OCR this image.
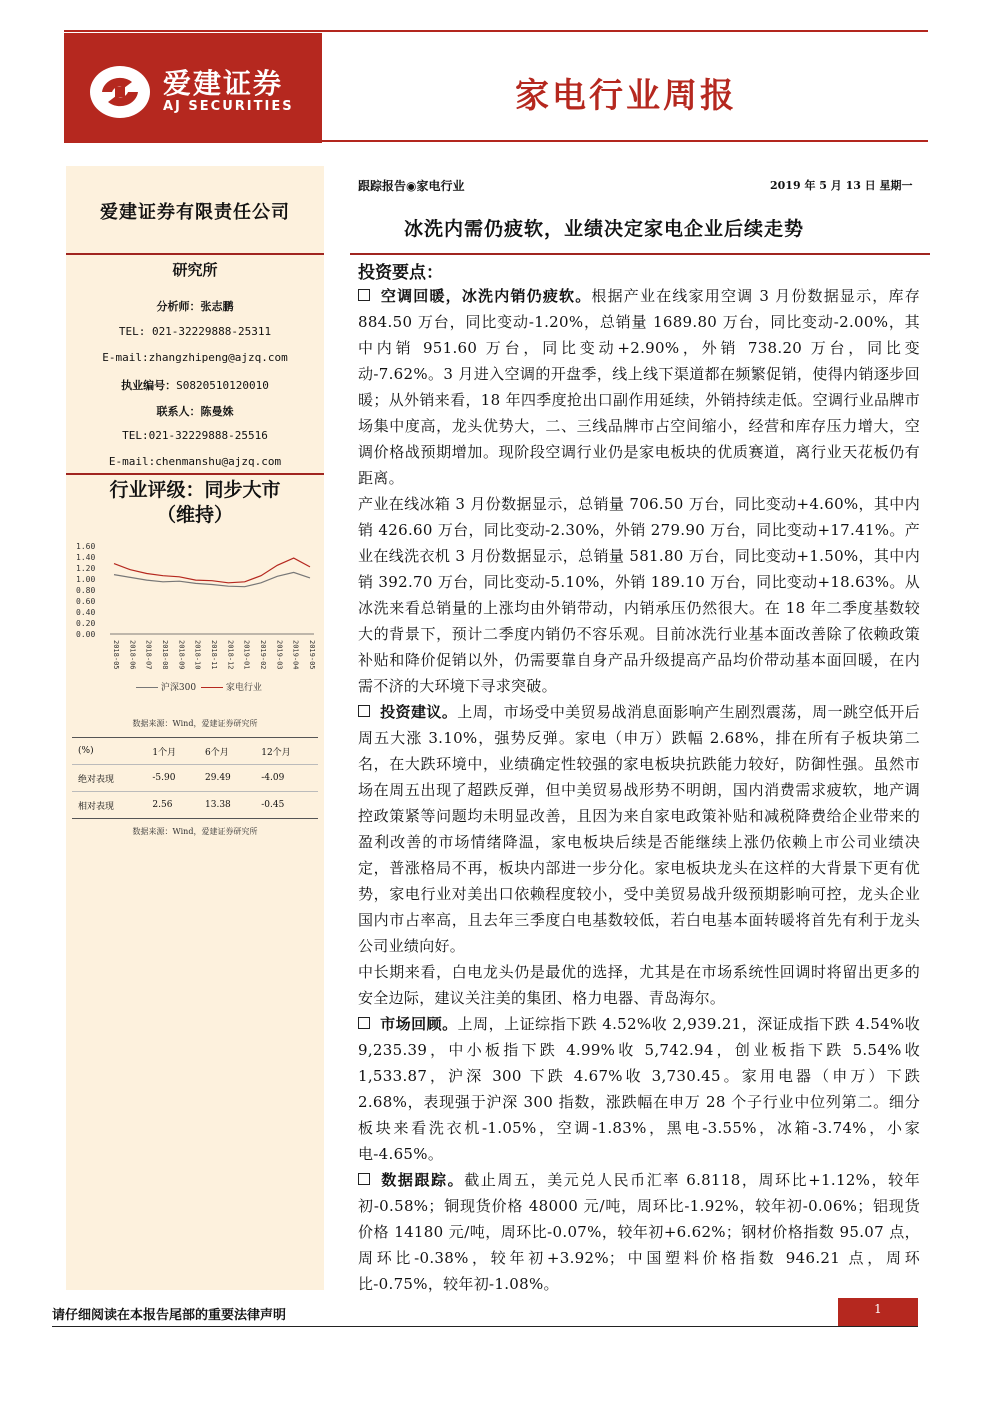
爱建证券
AJ SECURITIES	家电行业周报
爱建证券有限责任公司
研究所
分析师：张志鹏
TEL: 021-32229888-25311
E-mail:zhangzhipeng@ajzq.com
执业编号：S0820510120010
联系人：陈曼姝
TEL:021-32229888-25516
E-mail:chenmanshu@ajzq.com
行业评级：同步大市
（维持）
1.60
1.40
1.20
1.00
0.80
0.60
0.40
0.20
0.00
2018-05 2018-06 2018-07 2018-08 2018-09 2018-10 2018-11 2018-12 2019-01 2019-02 2019-03 2019-04 2019-05
沪深300	家电行业
数据来源：Wind，爱建证券研究所
(%)	1个月	6个月	12个月
绝对表现	-5.90	29.49	-4.09
相对表现	2.56	13.38	-0.45
数据来源：Wind，爱建证券研究所
跟踪报告◉家电行业	2019 年 5 月 13 日 星期一
冰洗内需仍疲软，业绩决定家电企业后续走势
投资要点：

空调回暖，冰洗内销仍疲软。根据产业在线家用空调 3 月份数据显示，库存 884.50 万台，同比变动-1.20%，总销量 1689.80 万台，同比变动-2.00%，其中内销 951.60 万台，同比变动+2.90%，外销 738.20 万台，同比变动-7.62%。3 月进入空调的开盘季，线上线下渠道都在频繁促销，使得内销逐步回暖；从外销来看，18 年四季度抢出口副作用延续，外销持续走低。空调行业品牌市场集中度高，龙头优势大，二、三线品牌市占空间缩小，经营和库存压力增大，空调价格战预期增加。现阶段空调行业仍是家电板块的优质赛道，离行业天花板仍有距离。

产业在线冰箱 3 月份数据显示，总销量 706.50 万台，同比变动+4.60%，其中内销 426.60 万台，同比变动-2.30%，外销 279.90 万台，同比变动+17.41%。产业在线洗衣机 3 月份数据显示，总销量 581.80 万台，同比变动+1.50%，其中内销 392.70 万台，同比变动-5.10%，外销 189.10 万台，同比变动+18.63%。从冰洗来看总销量的上涨均由外销带动，内销承压仍然很大。在 18 年二季度基数较大的背景下，预计二季度内销仍不容乐观。目前冰洗行业基本面改善除了依赖政策补贴和降价促销以外，仍需要靠自身产品升级提高产品均价带动基本面回暖，在内需不济的大环境下寻求突破。

投资建议。上周，市场受中美贸易战消息面影响产生剧烈震荡，周一跳空低开后周五大涨 3.10%，强势反弹。家电（申万）跌幅 2.68%，排在所有子板块第二名，在大跌环境中，业绩确定性较强的家电板块抗跌能力较好，防御性强。虽然市场在周五出现了超跌反弹，但中美贸易战形势不明朗，国内消费需求疲软，地产调控政策紧等问题均未明显改善，且因为来自家电政策补贴和减税降费给企业带来的盈利改善的市场情绪降温，家电板块后续是否能继续上涨仍依赖上市公司业绩决定，普涨格局不再，板块内部进一步分化。家电板块龙头在这样的大背景下更有优势，家电行业对美出口依赖程度较小，受中美贸易战升级预期影响可控，龙头企业国内市占率高，且去年三季度白电基数较低，若白电基本面转暖将首先有利于龙头公司业绩向好。

中长期来看，白电龙头仍是最优的选择，尤其是在市场系统性回调时将留出更多的安全边际，建议关注美的集团、格力电器、青岛海尔。

市场回顾。上周，上证综指下跌 4.52%收 2,939.21，深证成指下跌 4.54%收 9,235.39，中小板指下跌 4.99%收 5,742.94，创业板指下跌 5.54%收 1,533.87，沪深 300 下跌 4.67%收 3,730.45。家用电器（申万）下跌 2.68%，表现强于沪深 300 指数，涨跌幅在申万 28 个子行业中位列第二。细分板块来看洗衣机-1.05%，空调-1.83%，黑电-3.55%，冰箱-3.74%，小家电-4.65%。

数据跟踪。截止周五，美元兑人民币汇率 6.8118，周环比+1.12%，较年初-0.58%；铜现货价格 48000 元/吨，周环比-1.92%，较年初-0.06%；铝现货价格 14180 元/吨，周环比-0.07%，较年初+6.62%；钢材价格指数 95.07 点，周环比-0.38%，较年初+3.92%；中国塑料价格指数 946.21 点，周环比-0.75%，较年初-1.08%。

请仔细阅读在本报告尾部的重要法律声明	1
